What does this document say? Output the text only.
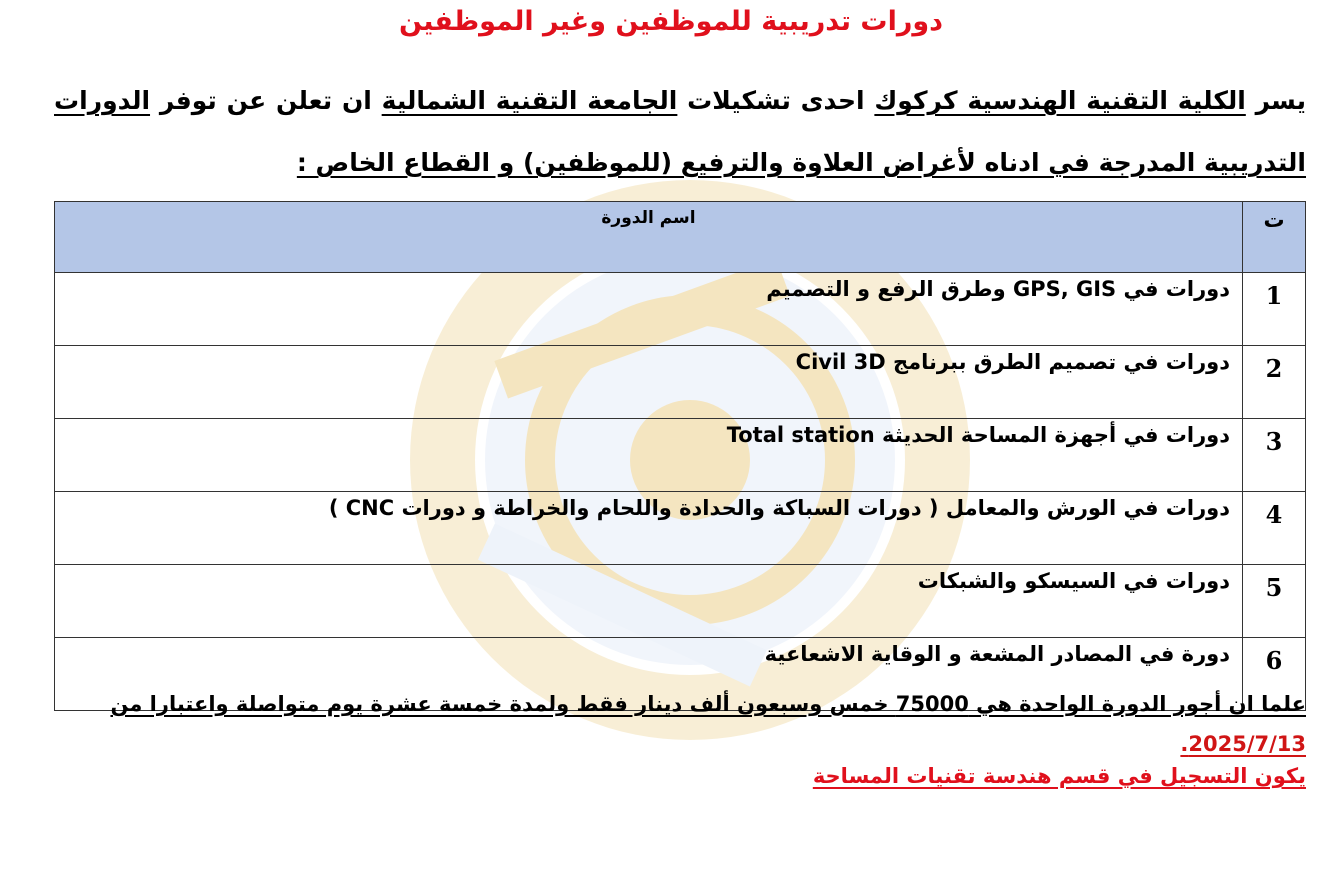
دورات تدريبية للموظفين وغير الموظفين
يسر الكلية التقنية الهندسية كركوك احدى تشكيلات الجامعة التقنية الشمالية ان تعلن عن توفر الدورات التدريبية المدرجة في ادناه لأغراض العلاوة والترفيع (للموظفين) و القطاع الخاص :
ت	اسم الدورة
1	دورات في GPS, GIS وطرق الرفع و التصميم
2	دورات في تصميم الطرق ببرنامج Civil 3D
3	دورات في أجهزة المساحة الحديثة Total station
4	دورات في الورش والمعامل ( دورات السباكة والحدادة واللحام والخراطة و دورات CNC )
5	دورات في السيسكو والشبكات
6	دورة في المصادر المشعة و الوقاية الاشعاعية
علما ان أجور الدورة الواحدة هي 75000 خمس وسبعون ألف دينار فقط ولمدة خمسة عشرة يوم متواصلة واعتبارا من
2025/7/13.
يكون التسجيل في قسم هندسة تقنيات المساحة
